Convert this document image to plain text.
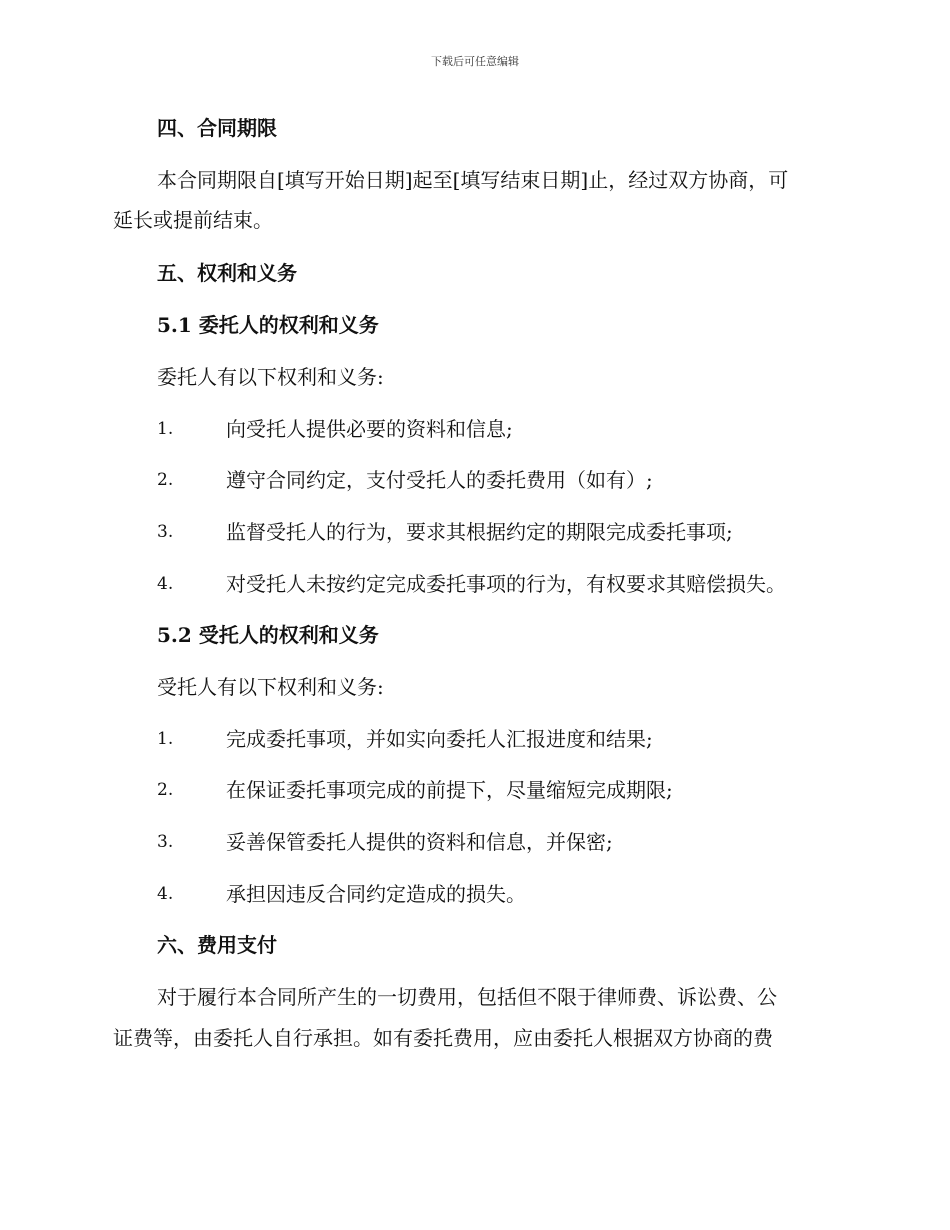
下载后可任意编辑
四、合同期限
本合同期限自[填写开始日期]起至[填写结束日期]止，经过双方协商，可
延长或提前结束。
五、权利和义务
5.1 委托人的权利和义务
委托人有以下权利和义务:
1.	向受托人提供必要的资料和信息;
2.	遵守合同约定，支付受托人的委托费用（如有）;
3.	监督受托人的行为，要求其根据约定的期限完成委托事项;
4.	对受托人未按约定完成委托事项的行为，有权要求其赔偿损失。
5.2 受托人的权利和义务
受托人有以下权利和义务:
1.	完成委托事项，并如实向委托人汇报进度和结果;
2.	在保证委托事项完成的前提下，尽量缩短完成期限;
3.	妥善保管委托人提供的资料和信息，并保密;
4.	承担因违反合同约定造成的损失。
六、费用支付
对于履行本合同所产生的一切费用，包括但不限于律师费、诉讼费、公
证费等，由委托人自行承担。如有委托费用，应由委托人根据双方协商的费
